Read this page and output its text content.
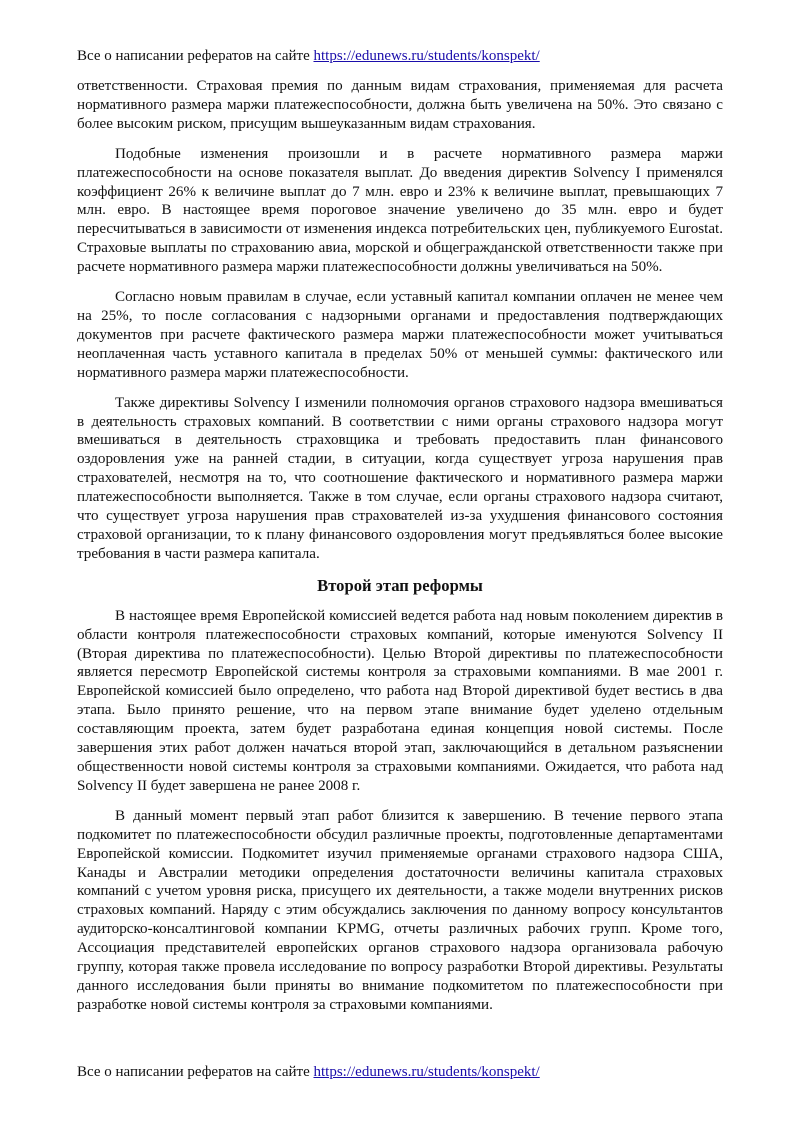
Все о написании рефератов на сайте https://edunews.ru/students/konspekt/

ответственности. Страховая премия по данным видам страхования, применяемая для расчета нормативного размера маржи платежеспособности, должна быть увеличена на 50%. Это связано с более высоким риском, присущим вышеуказанным видам страхования.

Подобные изменения произошли и в расчете нормативного размера маржи платежеспособности на основе показателя выплат. До введения директив Solvency I применялся коэффициент 26% к величине выплат до 7 млн. евро и 23% к величине выплат, превышающих 7 млн. евро. В настоящее время пороговое значение увеличено до 35 млн. евро и будет пересчитываться в зависимости от изменения индекса потребительских цен, публикуемого Eurostat. Страховые выплаты по страхованию авиа, морской и общегражданской ответственности также при расчете нормативного размера маржи платежеспособности должны увеличиваться на 50%.

Согласно новым правилам в случае, если уставный капитал компании оплачен не менее чем на 25%, то после согласования с надзорными органами и предоставления подтверждающих документов при расчете фактического размера маржи платежеспособности может учитываться неоплаченная часть уставного капитала в пределах 50% от меньшей суммы: фактического или нормативного размера маржи платежеспособности.

Также директивы Solvency I изменили полномочия органов страхового надзора вмешиваться в деятельность страховых компаний. В соответствии с ними органы страхового надзора могут вмешиваться в деятельность страховщика и требовать предоставить план финансового оздоровления уже на ранней стадии, в ситуации, когда существует угроза нарушения прав страхователей, несмотря на то, что соотношение фактического и нормативного размера маржи платежеспособности выполняется. Также в том случае, если органы страхового надзора считают, что существует угроза нарушения прав страхователей из-за ухудшения финансового состояния страховой организации, то к плану финансового оздоровления могут предъявляться более высокие требования в части размера капитала.

Второй этап реформы

В настоящее время Европейской комиссией ведется работа над новым поколением директив в области контроля платежеспособности страховых компаний, которые именуются Solvency II (Вторая директива по платежеспособности). Целью Второй директивы по платежеспособности является пересмотр Европейской системы контроля за страховыми компаниями. В мае 2001 г. Европейской комиссией было определено, что работа над Второй директивой будет вестись в два этапа. Было принято решение, что на первом этапе внимание будет уделено отдельным составляющим проекта, затем будет разработана единая концепция новой системы. После завершения этих работ должен начаться второй этап, заключающийся в детальном разъяснении общественности новой системы контроля за страховыми компаниями. Ожидается, что работа над Solvency II будет завершена не ранее 2008 г.

В данный момент первый этап работ близится к завершению. В течение первого этапа подкомитет по платежеспособности обсудил различные проекты, подготовленные департаментами Европейской комиссии. Подкомитет изучил применяемые органами страхового надзора США, Канады и Австралии методики определения достаточности величины капитала страховых компаний с учетом уровня риска, присущего их деятельности, а также модели внутренних рисков страховых компаний. Наряду с этим обсуждались заключения по данному вопросу консультантов аудиторско-консалтинговой компании KPMG, отчеты различных рабочих групп. Кроме того, Ассоциация представителей европейских органов страхового надзора организовала рабочую группу, которая также провела исследование по вопросу разработки Второй директивы. Результаты данного исследования были приняты во внимание подкомитетом по платежеспособности при разработке новой системы контроля за страховыми компаниями.

Все о написании рефератов на сайте https://edunews.ru/students/konspekt/
